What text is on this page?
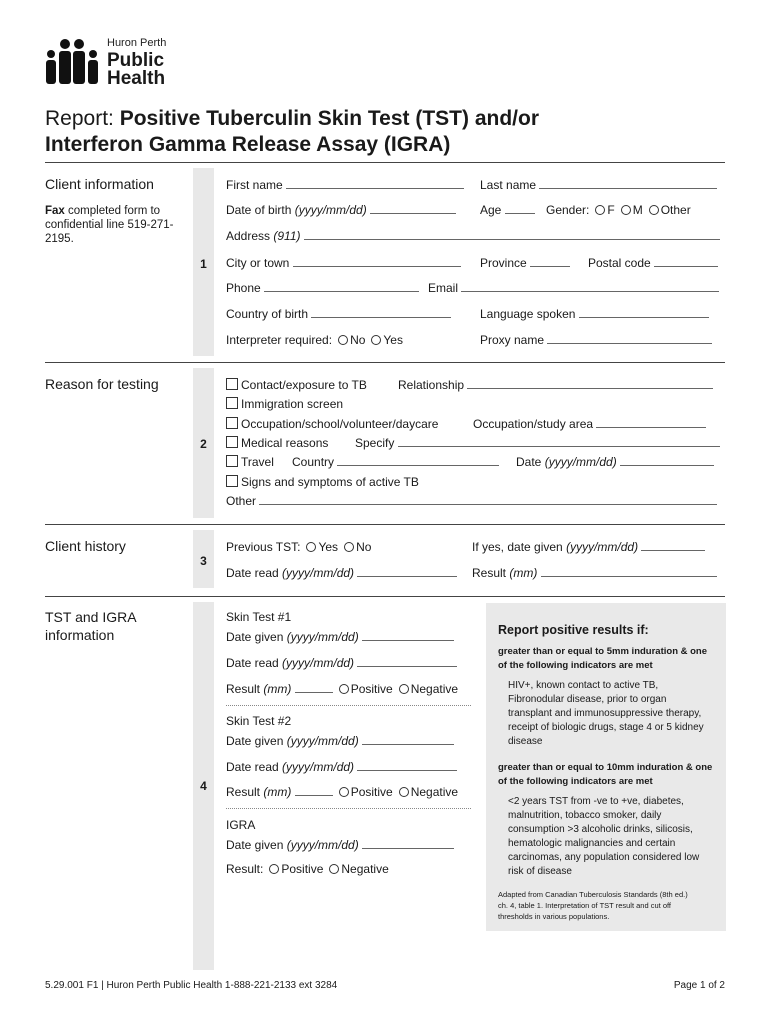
Huron Perth
Public
Health
Report: Positive Tuberculin Skin Test (TST) and/or
Interferon Gamma Release Assay (IGRA)
Client information
Fax completed form to confidential line 519-271-2195.
1
First name	Last name
Date of birth (yyyy/mm/dd)	Age	Gender: F M Other
Address (911)
City or town	Province	Postal code
Phone	Email
Country of birth	Language spoken
Interpreter required: No Yes	Proxy name
Reason for testing
2
Contact/exposure to TB	Relationship
Immigration screen
Occupation/school/volunteer/daycare	Occupation/study area
Medical reasons Specify
Travel Country	Date (yyyy/mm/dd)
Signs and symptoms of active TB
Other
Client history
3
Previous TST: Yes No	If yes, date given (yyyy/mm/dd)
Date read (yyyy/mm/dd)	Result (mm)
TST and IGRA information
4
Skin Test #1
Date given (yyyy/mm/dd)
Date read (yyyy/mm/dd)
Result (mm)	Positive Negative
Skin Test #2
Date given (yyyy/mm/dd)
Date read (yyyy/mm/dd)
Result (mm)	Positive Negative
IGRA
Date given (yyyy/mm/dd)
Result: Positive Negative
Report positive results if:
greater than or equal to 5mm induration & one of the following indicators are met
HIV+, known contact to active TB, Fibronodular disease, prior to organ transplant and immunosuppressive therapy, receipt of biologic drugs, stage 4 or 5 kidney disease
greater than or equal to 10mm induration & one of the following indicators are met
<2 years TST from -ve to +ve, diabetes, malnutrition, tobacco smoker, daily consumption >3 alcoholic drinks, silicosis, hematologic malignancies and certain carcinomas, any population considered low risk of disease
Adapted from Canadian Tuberculosis Standards (8th ed.) ch. 4, table 1. Interpretation of TST result and cut off thresholds in various populations.
5.29.001 F1 | Huron Perth Public Health 1-888-221-2133 ext 3284	Page 1 of 2
